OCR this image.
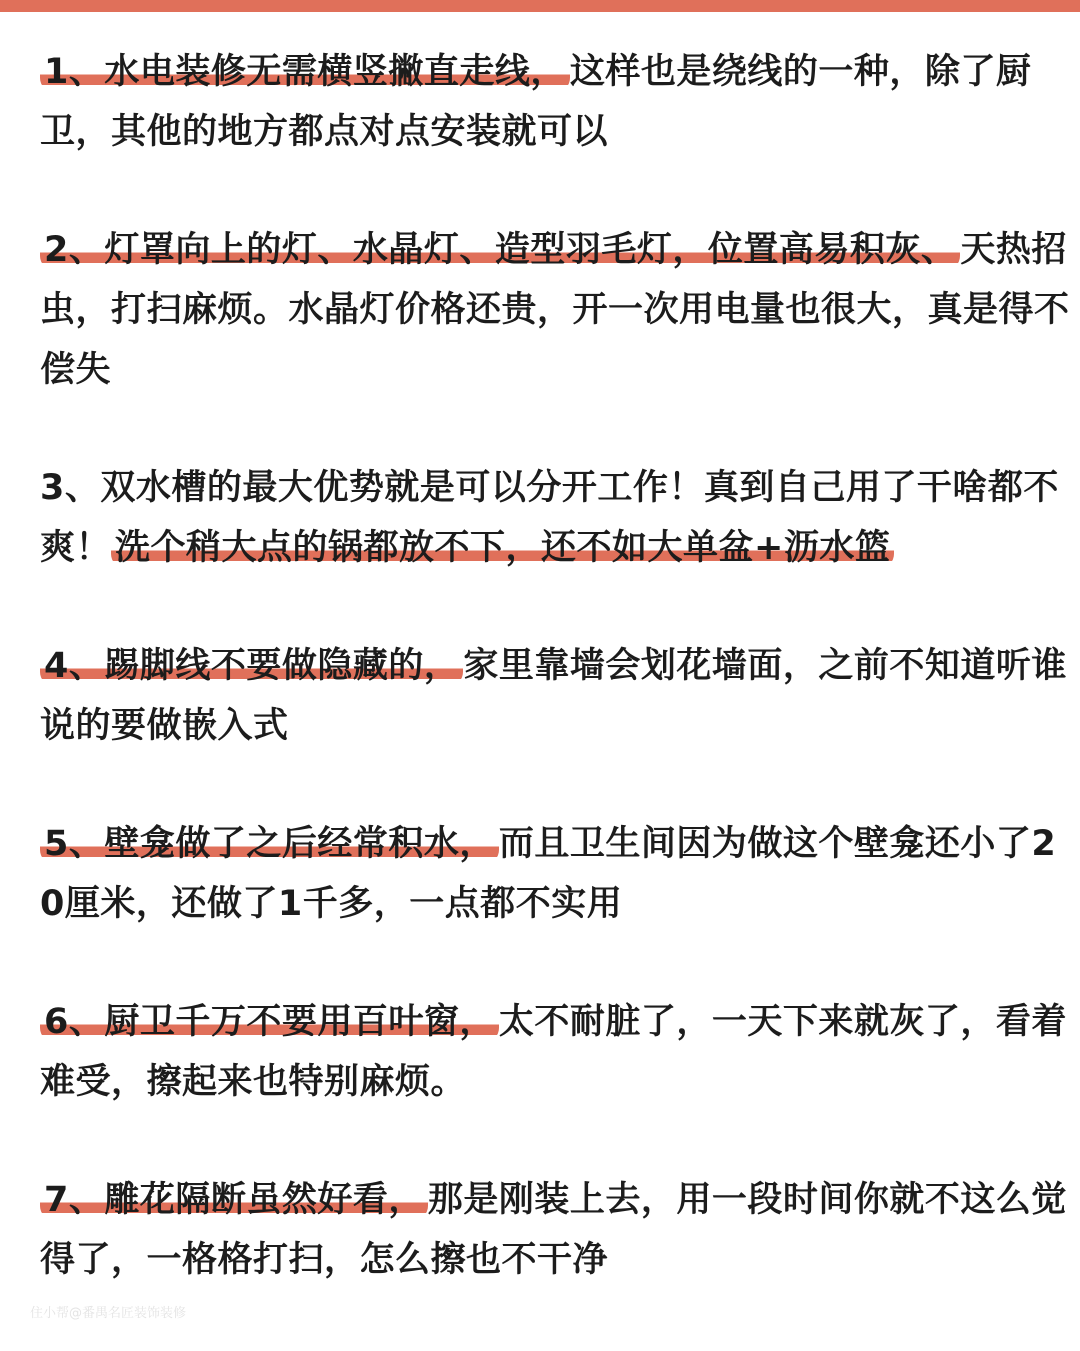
1、水电装修无需横竖撇直走线， 这样也是绕线的一种，除了厨卫，其他的地方都点对点安装就可以
2、灯罩向上的灯、水晶灯、造型羽毛灯，位置高易积灰、 天热招虫，打扫麻烦。水晶灯价格还贵，开一次用电量也很大，真是得不偿失
3、双水槽的最大优势就是可以分开工作！真到自己用了干啥都不爽！ 洗个稍大点的锅都放不下，还不如大单盆+沥水篮
4、踢脚线不要做隐藏的， 家里靠墙会划花墙面，之前不知道听谁说的要做嵌入式
5、壁龛做了之后经常积水， 而且卫生间因为做这个壁龛还小了20厘米，还做了1千多，一点都不实用
6、厨卫千万不要用百叶窗， 太不耐脏了，一天下来就灰了，看着难受，擦起来也特别麻烦。
7、雕花隔断虽然好看， 那是刚装上去，用一段时间你就不这么觉得了，一格格打扫，怎么擦也不干净
住小帮@番禺名匠装饰装修
